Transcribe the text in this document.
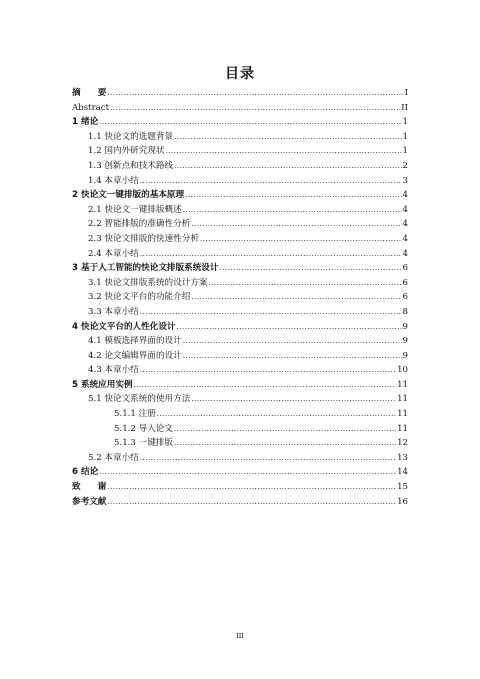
目录
摘　　要 .....	I
Abstract .....	II
1 绪论 .....	1
1.1 快论文的选题背景 .....	1
1.2 国内外研究现状 .....	1
1.3 创新点和技术路线 .....	2
1.4 本章小结 .....	3
2 快论文一键排版的基本原理 .....	4
2.1 快论文一键排版概述 .....	4
2.2 智能排版的准确性分析 .....	4
2.3 快论文排版的快速性分析 .....	4
2.4 本章小结 .....	4
3 基于人工智能的快论文排版系统设计 .....	6
3.1 快论文排版系统的设计方案 .....	6
3.2 快论文平台的功能介绍 .....	6
3.3 本章小结 .....	8
4 快论文平台的人性化设计 .....	9
4.1 模板选择界面的设计 .....	9
4.2 论文编辑界面的设计 .....	9
4.3 本章小结 .....	10
5 系统应用实例 .....	11
5.1 快论文系统的使用方法 .....	11
5.1.1 注册 .....	11
5.1.2 导入论文 .....	11
5.1.3 一键排版 .....	12
5.2 本章小结 .....	13
6 结论 .....	14
致　　谢 .....	15
参考文献 .....	16
III
